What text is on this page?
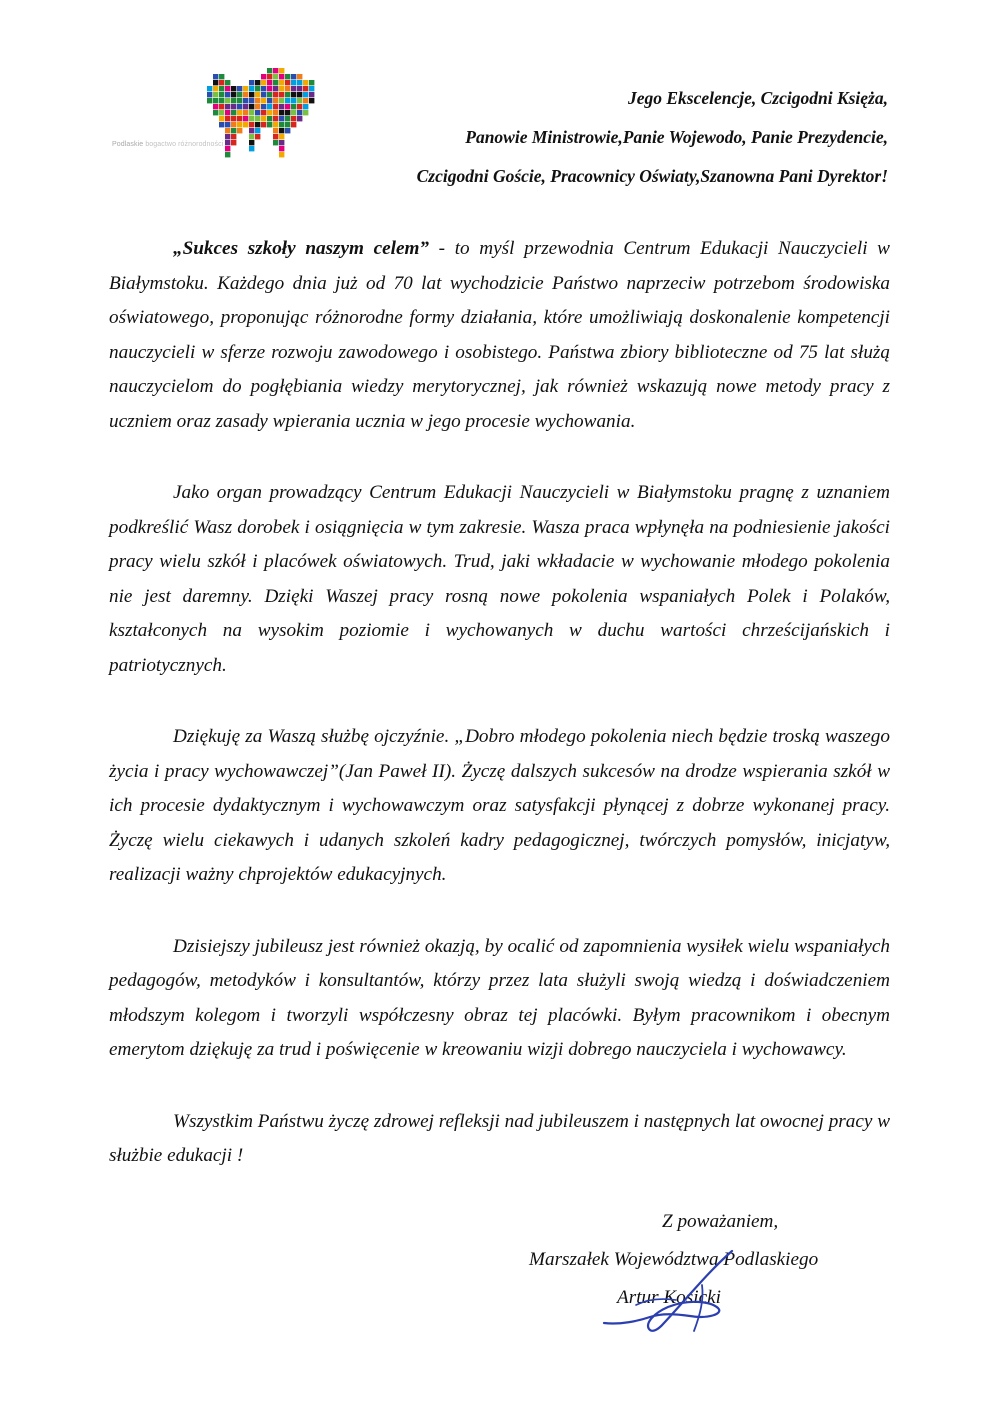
Podlaskie bogactwo różnorodności
Jego Ekscelencje, Czcigodni Księża,
Panowie Ministrowie,Panie Wojewodo, Panie Prezydencie,
Czcigodni Goście, Pracownicy Oświaty,Szanowna Pani Dyrektor!

„Sukces szkoły naszym celem” - to myśl przewodnia Centrum Edukacji Nauczycieli w Białymstoku. Każdego dnia już od 70 lat wychodzicie Państwo naprzeciw potrzebom środowiska oświatowego, proponując różnorodne formy działania, które umożliwiają doskonalenie kompetencji nauczycieli w sferze rozwoju zawodowego i osobistego. Państwa zbiory biblioteczne od 75 lat służą nauczycielom do pogłębiania wiedzy merytorycznej, jak również wskazują nowe metody pracy z uczniem oraz zasady wpierania ucznia w jego procesie wychowania.

Jako organ prowadzący Centrum Edukacji Nauczycieli w Białymstoku pragnę z uznaniem podkreślić Wasz dorobek i osiągnięcia w tym zakresie. Wasza praca wpłynęła na podniesienie jakości pracy wielu szkół i placówek oświatowych. Trud, jaki wkładacie w wychowanie młodego pokolenia nie jest daremny. Dzięki Waszej pracy rosną nowe pokolenia wspaniałych Polek i Polaków, kształconych na wysokim poziomie i wychowanych w duchu wartości chrześcijańskich i patriotycznych.

Dziękuję za Waszą służbę ojczyźnie. „Dobro młodego pokolenia niech będzie troską waszego życia i pracy wychowawczej”(Jan Paweł II). Życzę dalszych sukcesów na drodze wspierania szkół w ich procesie dydaktycznym i wychowawczym oraz satysfakcji płynącej z dobrze wykonanej pracy. Życzę wielu ciekawych i udanych szkoleń kadry pedagogicznej, twórczych pomysłów, inicjatyw, realizacji ważny chprojektów edukacyjnych.

Dzisiejszy jubileusz jest również okazją, by ocalić od zapomnienia wysiłek wielu wspaniałych pedagogów, metodyków i konsultantów, którzy przez lata służyli swoją wiedzą i doświadczeniem młodszym kolegom i tworzyli współczesny obraz tej placówki. Byłym pracownikom i obecnym emerytom dziękuję za trud i poświęcenie w kreowaniu wizji dobrego nauczyciela i wychowawcy.

Wszystkim Państwu życzę zdrowej refleksji nad jubileuszem i następnych lat owocnej pracy w służbie edukacji !

Z poważaniem,
Marszałek Województwa Podlaskiego
Artur Kosicki
